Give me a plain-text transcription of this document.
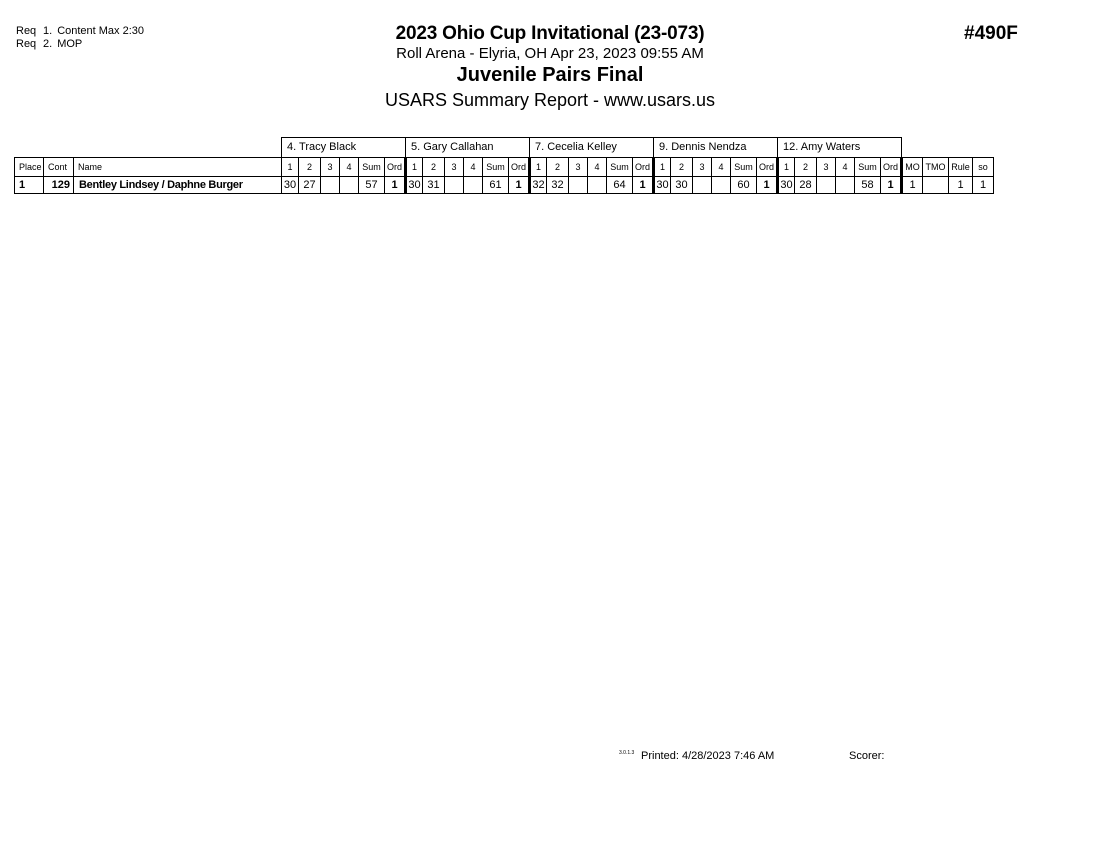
Req 1. Content Max 2:30
Req 2. MOP	2023 Ohio Cup Invitational (23-073)
Roll Arena - Elyria, OH Apr 23, 2023 09:55 AM
Juvenile Pairs Final
USARS Summary Report - www.usars.us
#490F
			4. Tracy Black						5. Gary Callahan						7. Cecelia Kelley						9. Dennis Nendza						12. Amy Waters									
Place	Cont	Name	1	2	3	4	Sum	Ord	1	2	3	4	Sum	Ord	1	2	3	4	Sum	Ord	1	2	3	4	Sum	Ord	1	2	3	4	Sum	Ord	MO	TMO	Rule	so
1	129	Bentley Lindsey / Daphne Burger	30	27			57	1	30	31			61	1	32	32			64	1	30	30			60	1	30	28			58	1	1		1	1
3.0.1.3 Printed: 4/28/2023 7:46 AM	Scorer:
